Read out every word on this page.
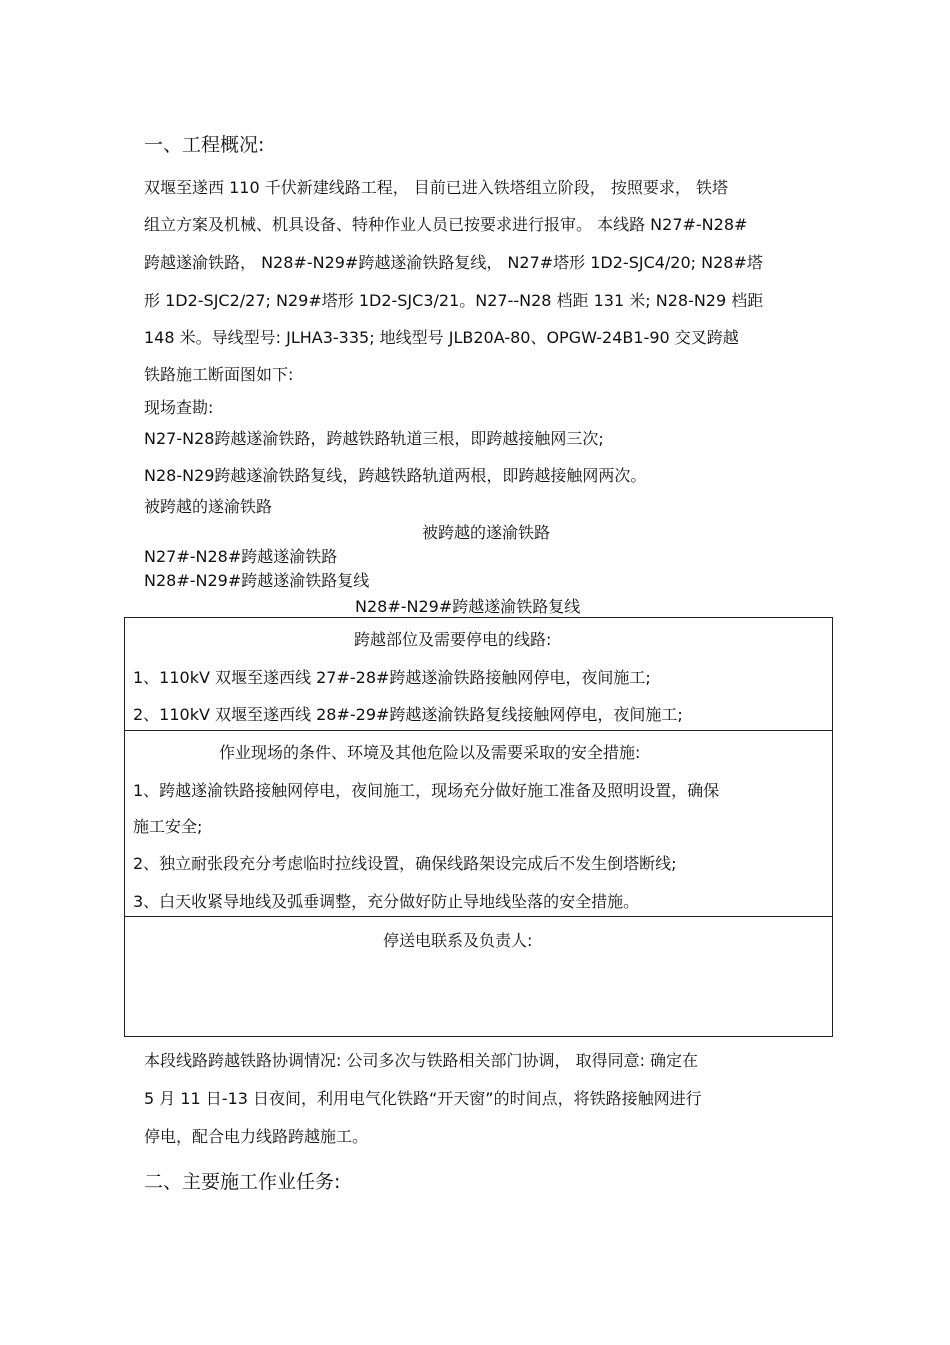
一、工程概况:
双堰至遂西 110 千伏新建线路工程， 目前已进入铁塔组立阶段， 按照要求， 铁塔
组立方案及机械、机具设备、特种作业人员已按要求进行报审。 本线路 N27#-N28#
跨越遂渝铁路， N28#-N29#跨越遂渝铁路复线， N27#塔形 1D2-SJC4/20; N28#塔
形 1D2-SJC2/27; N29#塔形 1D2-SJC3/21。N27--N28 档距 131 米; N28-N29 档距
148 米。导线型号: JLHA3-335; 地线型号 JLB20A-80、OPGW-24B1-90 交叉跨越
铁路施工断面图如下:
现场查勘:
N27-N28跨越遂渝铁路，跨越铁路轨道三根，即跨越接触网三次;
N28-N29跨越遂渝铁路复线，跨越铁路轨道两根，即跨越接触网两次。
被跨越的遂渝铁路
被跨越的遂渝铁路
N27#-N28#跨越遂渝铁路
N28#-N29#跨越遂渝铁路复线
N28#-N29#跨越遂渝铁路复线
跨越部位及需要停电的线路:
1、110kV 双堰至遂西线 27#-28#跨越遂渝铁路接触网停电，夜间施工;
2、110kV 双堰至遂西线 28#-29#跨越遂渝铁路复线接触网停电，夜间施工;
作业现场的条件、环境及其他危险以及需要采取的安全措施:
1、跨越遂渝铁路接触网停电，夜间施工，现场充分做好施工准备及照明设置，确保
施工安全;
2、独立耐张段充分考虑临时拉线设置，确保线路架设完成后不发生倒塔断线;
3、白天收紧导地线及弧垂调整，充分做好防止导地线坠落的安全措施。
停送电联系及负责人:
本段线路跨越铁路协调情况: 公司多次与铁路相关部门协调， 取得同意: 确定在
5 月 11 日-13 日夜间，利用电气化铁路“开天窗”的时间点，将铁路接触网进行
停电，配合电力线路跨越施工。
二、主要施工作业任务:
